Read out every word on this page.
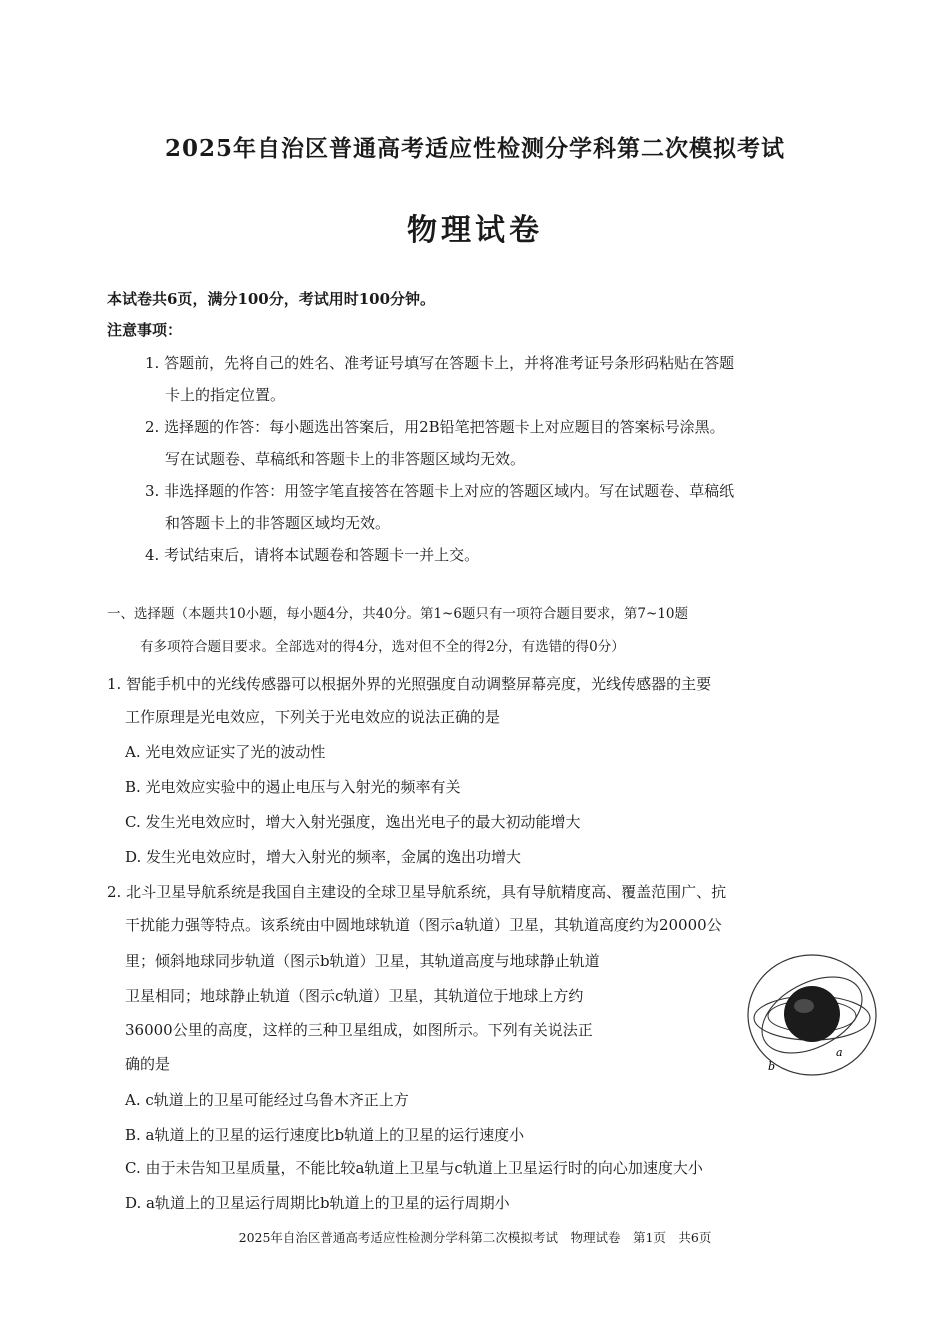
2025年自治区普通高考适应性检测分学科第二次模拟考试
物理试卷
本试卷共6页，满分100分，考试用时100分钟。
注意事项：
1. 答题前，先将自己的姓名、准考证号填写在答题卡上，并将准考证号条形码粘贴在答题
卡上的指定位置。
2. 选择题的作答：每小题选出答案后，用2B铅笔把答题卡上对应题目的答案标号涂黑。
写在试题卷、草稿纸和答题卡上的非答题区域均无效。
3. 非选择题的作答：用签字笔直接答在答题卡上对应的答题区域内。写在试题卷、草稿纸
和答题卡上的非答题区域均无效。
4. 考试结束后，请将本试题卷和答题卡一并上交。
一、选择题（本题共10小题，每小题4分，共40分。第1~6题只有一项符合题目要求，第7~10题
有多项符合题目要求。全部选对的得4分，选对但不全的得2分，有选错的得0分）
1. 智能手机中的光线传感器可以根据外界的光照强度自动调整屏幕亮度，光线传感器的主要
工作原理是光电效应，下列关于光电效应的说法正确的是
A. 光电效应证实了光的波动性
B. 光电效应实验中的遏止电压与入射光的频率有关
C. 发生光电效应时，增大入射光强度，逸出光电子的最大初动能增大
D. 发生光电效应时，增大入射光的频率，金属的逸出功增大
2. 北斗卫星导航系统是我国自主建设的全球卫星导航系统，具有导航精度高、覆盖范围广、抗
干扰能力强等特点。该系统由中圆地球轨道（图示a轨道）卫星，其轨道高度约为20000公
里；倾斜地球同步轨道（图示b轨道）卫星，其轨道高度与地球静止轨道
卫星相同；地球静止轨道（图示c轨道）卫星，其轨道位于地球上方约
36000公里的高度，这样的三种卫星组成，如图所示。下列有关说法正
确的是	b
a
A. c轨道上的卫星可能经过乌鲁木齐正上方
B. a轨道上的卫星的运行速度比b轨道上的卫星的运行速度小
C. 由于未告知卫星质量，不能比较a轨道上卫星与c轨道上卫星运行时的向心加速度大小
D. a轨道上的卫星运行周期比b轨道上的卫星的运行周期小
2025年自治区普通高考适应性检测分学科第二次模拟考试　物理试卷　第1页　共6页
